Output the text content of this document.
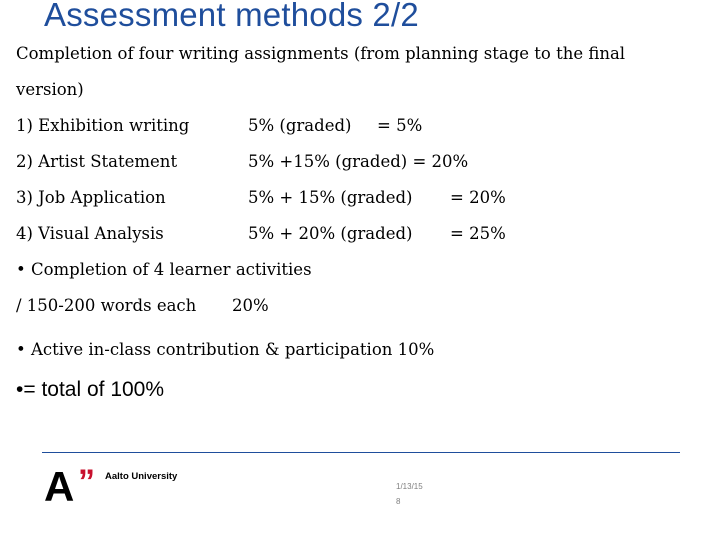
Assessment methods 2/2
Completion of four writing assignments (from planning stage to the final
version)
1) Exhibition writing	5% (graded) = 5%
2) Artist Statement	5% +15% (graded) = 20%
3) Job Application	5% + 15% (graded) = 20%
4) Visual Analysis	5% + 20% (graded) = 25%
• Completion of 4 learner activities
/ 150-200 words each 20%
• Active in-class contribution & participation 10%
•= total of 100%
A ” Aalto University
1/13/15
8
